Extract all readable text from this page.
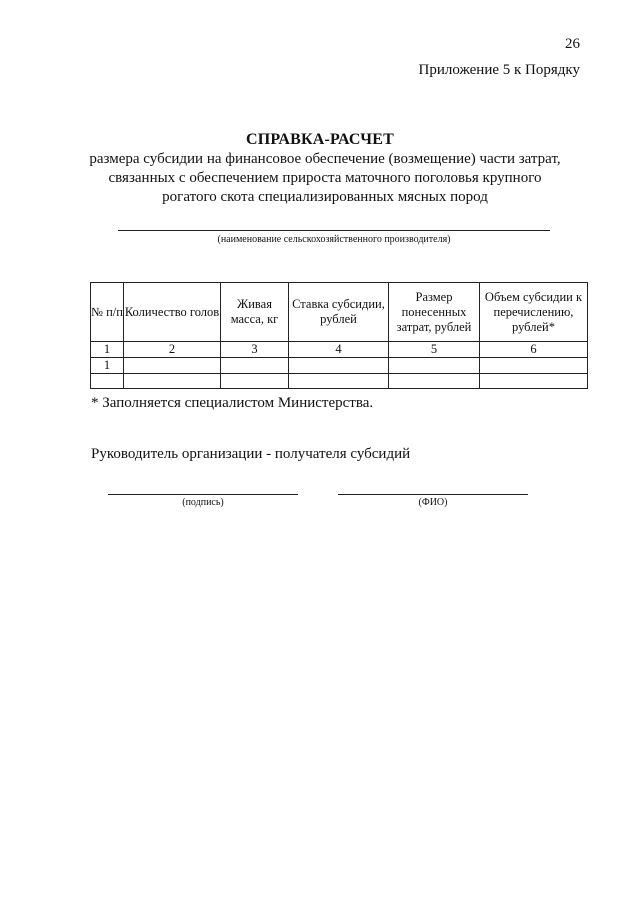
26
Приложение 5 к Порядку
СПРАВКА-РАСЧЕТ
размера субсидии на финансовое обеспечение (возмещение) части затрат,
связанных с обеспечением прироста маточного поголовья крупного
рогатого скота специализированных мясных пород
(наименование сельскохозяйственного производителя)
№ п/п	Количество голов	Живая масса, кг	Ставка субсидии, рублей	Размер понесенных затрат, рублей	Объем субсидии к перечислению, рублей*
1	2	3	4	5	6
1					

* Заполняется специалистом Министерства.
Руководитель организации - получателя субсидий
(подпись)	(ФИО)
